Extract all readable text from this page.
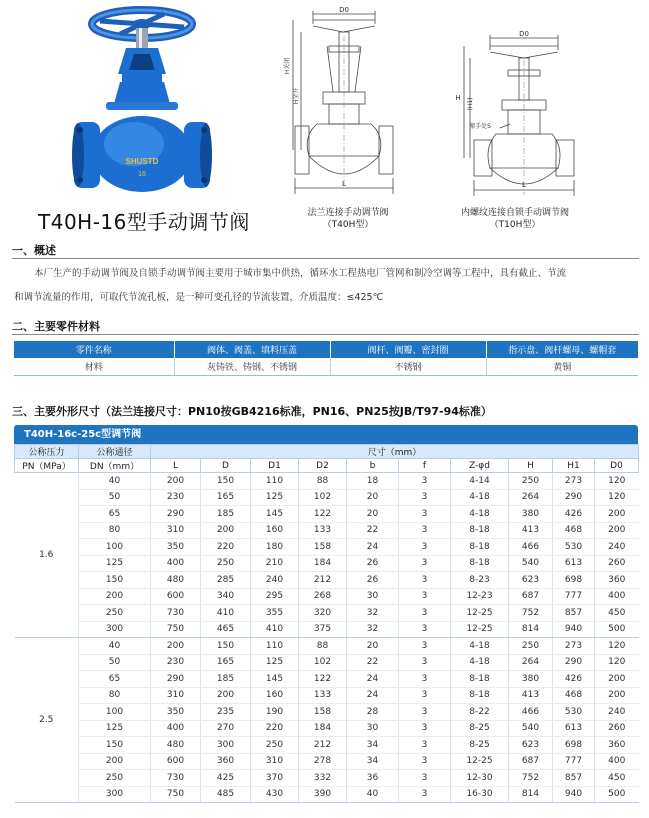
SHUSTD
16
T40H-16型手动调节阀
D0
H关闭
H全开
L
D0
H (H1)
搬手处S
L
法兰连接手动调节阀
（T40H型）
内螺纹连接自锁手动调节阀
（T10H型）
一、概述
本厂生产的手动调节阀及自锁手动调节阀主要用于城市集中供热，循环水工程热电厂管网和制冷空调等工程中，具有截止、节流
和调节流量的作用，可取代节流孔板，是一种可变孔径的节流装置，介质温度：≤425℃
二、主要零件材料
零件名称	阀体、阀盖、填料压盖	阀杆、阀瓣、密封圈	指示盘、阀杆螺母、螺帽套
材料	灰铸铁、铸钢、不锈钢	不锈钢	黄铜
三、主要外形尺寸（法兰连接尺寸：PN10按GB4216标准，PN16、PN25按JB/T97-94标准）
T40H-16c-25c型调节阀
公称压力	公称通径	尺寸（mm）									
PN（MPa）	DN（mm）	L	D	D1	D2	b	f	Z-φd	H	H1	D0
1.6	40	200	150	110	88	18	3	4-14	250	273	120
	50	230	165	125	102	20	3	4-18	264	290	120
	65	290	185	145	122	20	3	4-18	380	426	200
	80	310	200	160	133	22	3	8-18	413	468	200
	100	350	220	180	158	24	3	8-18	466	530	240
	125	400	250	210	184	26	3	8-18	540	613	260
	150	480	285	240	212	26	3	8-23	623	698	360
	200	600	340	295	268	30	3	12-23	687	777	400
	250	730	410	355	320	32	3	12-25	752	857	450
	300	750	465	410	375	32	3	12-25	814	940	500
2.5	40	200	150	110	88	20	3	4-18	250	273	120
	50	230	165	125	102	22	3	4-18	264	290	120
	65	290	185	145	122	24	3	8-18	380	426	200
	80	310	200	160	133	24	3	8-18	413	468	200
	100	350	235	190	158	28	3	8-22	466	530	240
	125	400	270	220	184	30	3	8-25	540	613	260
	150	480	300	250	212	34	3	8-25	623	698	360
	200	600	360	310	278	34	3	12-25	687	777	400
	250	730	425	370	332	36	3	12-30	752	857	450
	300	750	485	430	390	40	3	16-30	814	940	500
